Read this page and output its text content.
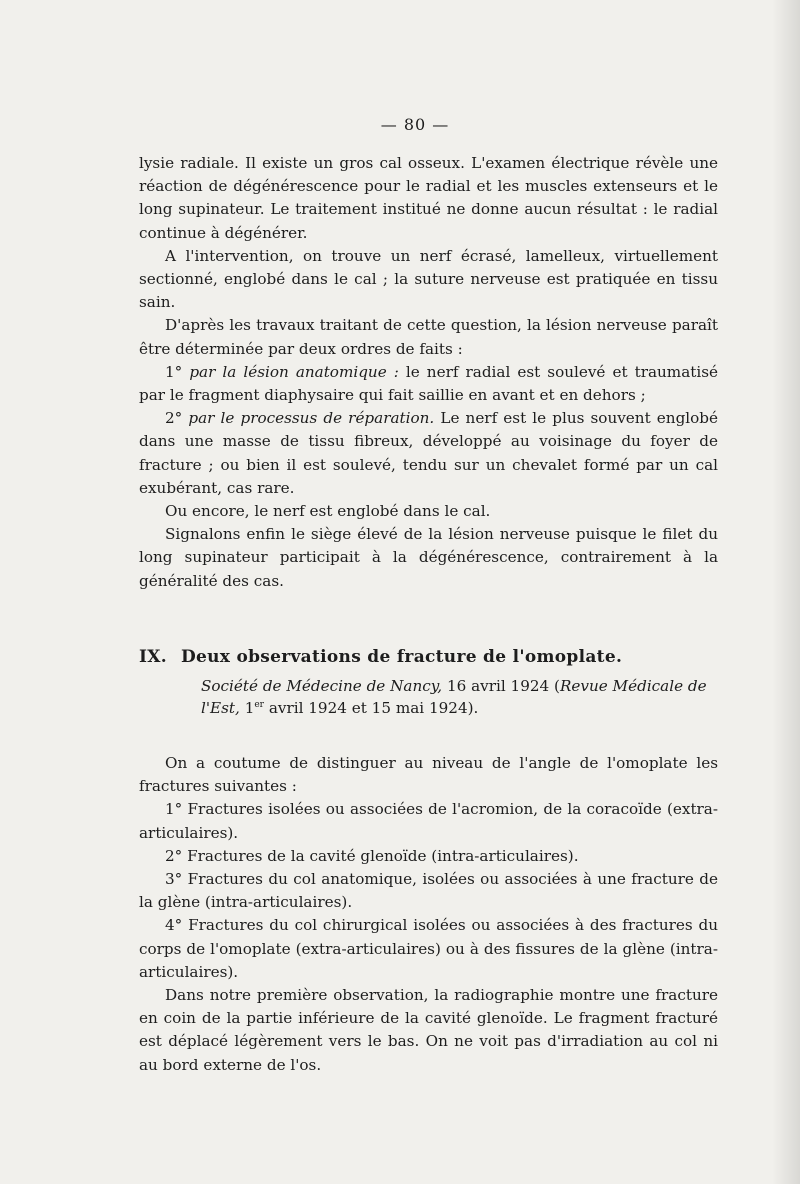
— 80 —

lysie radiale. Il existe un gros cal osseux. L'examen électrique révèle une réaction de dégénérescence pour le radial et les muscles extenseurs et le long supinateur. Le traitement institué ne donne aucun résultat : le radial continue à dégénérer.

A l'intervention, on trouve un nerf écrasé, lamelleux, virtuellement sectionné, englobé dans le cal ; la suture nerveuse est pratiquée en tissu sain.

D'après les travaux traitant de cette question, la lésion nerveuse paraît être déterminée par deux ordres de faits :

1° par la lésion anatomique : le nerf radial est soulevé et traumatisé par le fragment diaphysaire qui fait saillie en avant et en dehors ;

2° par le processus de réparation. Le nerf est le plus souvent englobé dans une masse de tissu fibreux, développé au voisinage du foyer de fracture ; ou bien il est soulevé, tendu sur un chevalet formé par un cal exubérant, cas rare.

Ou encore, le nerf est englobé dans le cal.

Signalons enfin le siège élevé de la lésion nerveuse puisque le filet du long supinateur participait à la dégénérescence, contrairement à la généralité des cas.

IX. Deux observations de fracture de l'omoplate.
Société de Médecine de Nancy, 16 avril 1924 (Revue Médicale de l'Est, 1er avril 1924 et 15 mai 1924).

On a coutume de distinguer au niveau de l'angle de l'omoplate les fractures suivantes :

1° Fractures isolées ou associées de l'acromion, de la coracoïde (extra-articulaires).

2° Fractures de la cavité glenoïde (intra-articulaires).

3° Fractures du col anatomique, isolées ou associées à une fracture de la glène (intra-articulaires).

4° Fractures du col chirurgical isolées ou associées à des fractures du corps de l'omoplate (extra-articulaires) ou à des fissures de la glène (intra-articulaires).

Dans notre première observation, la radiographie montre une fracture en coin de la partie inférieure de la cavité glenoïde. Le fragment fracturé est déplacé légèrement vers le bas. On ne voit pas d'irradiation au col ni au bord externe de l'os.
